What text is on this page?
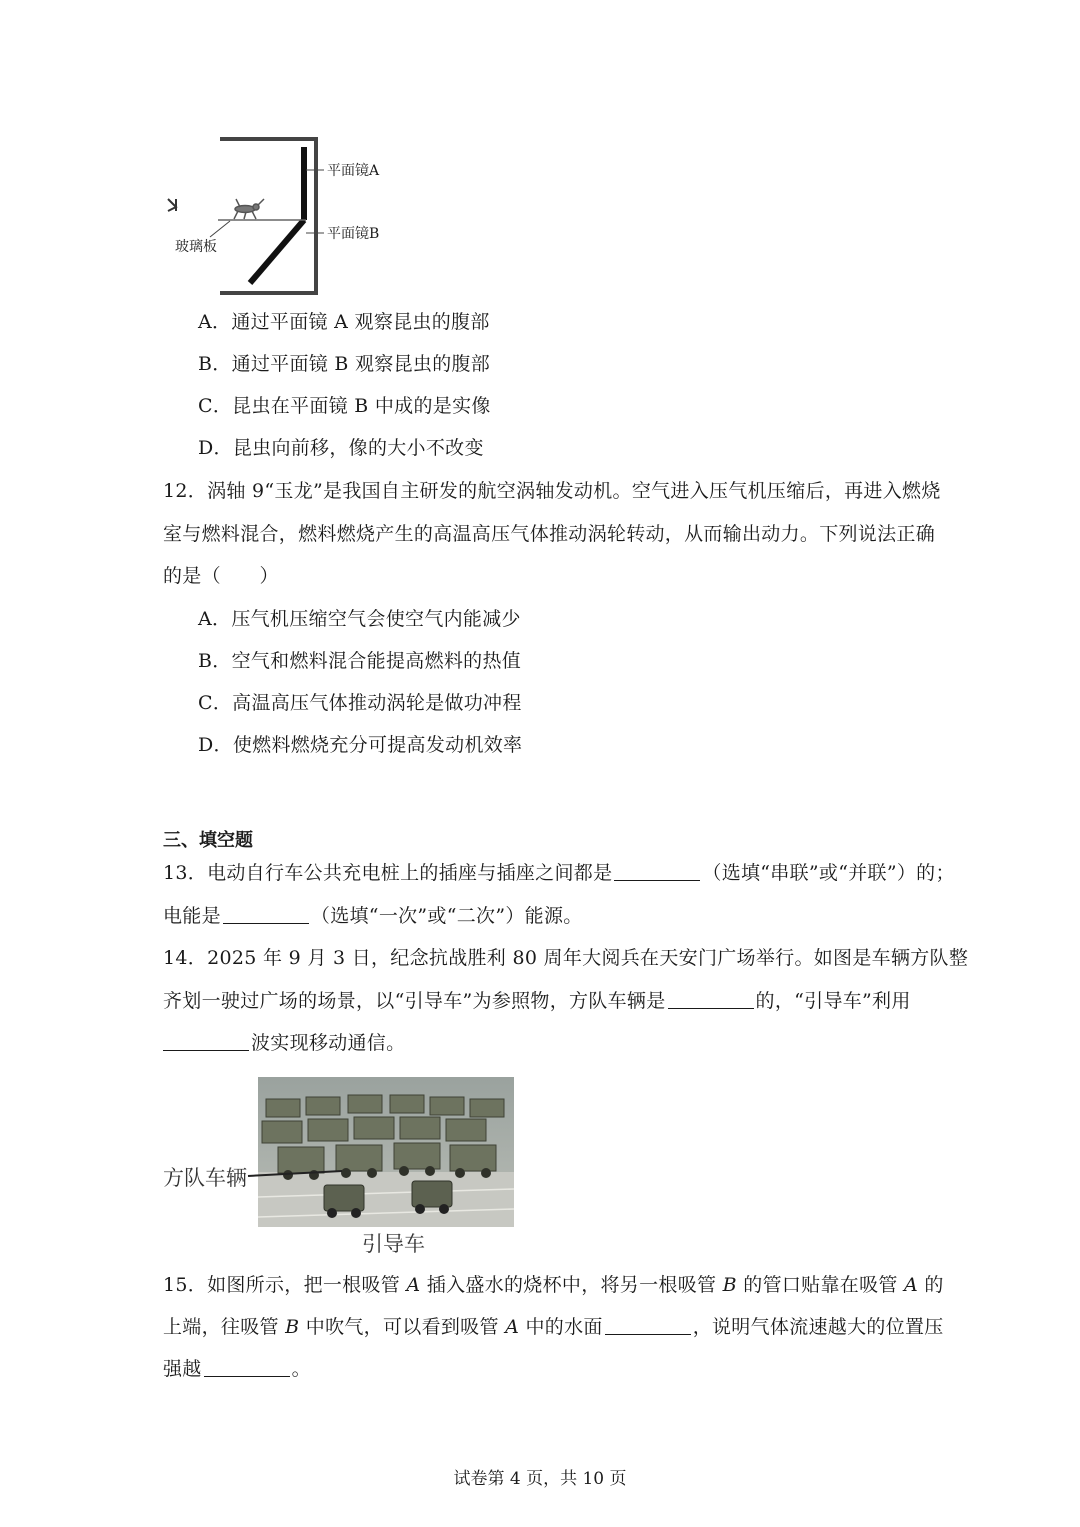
平面镜A
平面镜B
玻璃板
A．通过平面镜 A 观察昆虫的腹部
B．通过平面镜 B 观察昆虫的腹部
C．昆虫在平面镜 B 中成的是实像
D．昆虫向前移，像的大小不改变
12．涡轴 9“玉龙”是我国自主研发的航空涡轴发动机。空气进入压气机压缩后，再进入燃烧
室与燃料混合，燃料燃烧产生的高温高压气体推动涡轮转动，从而输出动力。下列说法正确
的是（　　）
A．压气机压缩空气会使空气内能减少
B．空气和燃料混合能提高燃料的热值
C．高温高压气体推动涡轮是做功冲程
D．使燃料燃烧充分可提高发动机效率
三、填空题
13．电动自行车公共充电桩上的插座与插座之间都是	（选填“串联”或“并联”）的；
电能是	（选填“一次”或“二次”）能源。
14．2025 年 9 月 3 日，纪念抗战胜利 80 周年大阅兵在天安门广场举行。如图是车辆方队整
齐划一驶过广场的场景，以“引导车”为参照物，方队车辆是	的，“引导车”利用
波实现移动通信。
方队车辆
引导车
15．如图所示，把一根吸管 A 插入盛水的烧杯中，将另一根吸管 B 的管口贴靠在吸管 A 的
上端，往吸管 B 中吹气，可以看到吸管 A 中的水面	，说明气体流速越大的位置压
强越	。
试卷第 4 页，共 10 页
